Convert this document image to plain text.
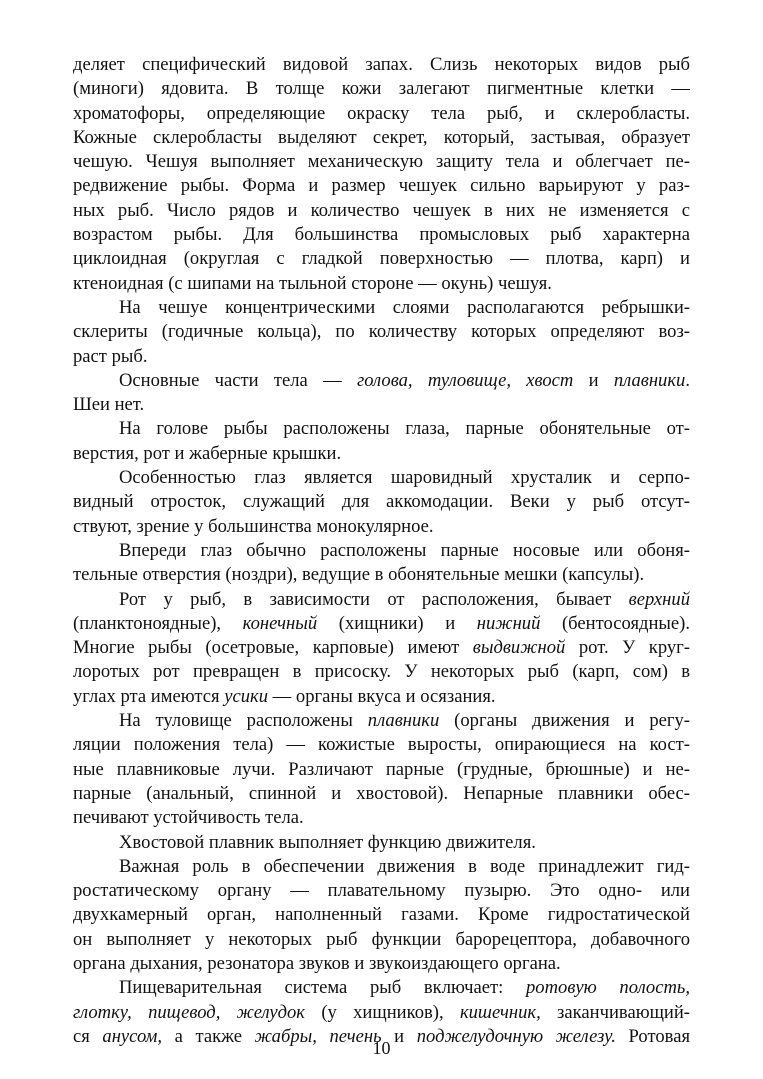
деляет специфический видовой запах. Слизь некоторых видов рыб
(миноги) ядовита. В толще кожи залегают пигментные клетки —
хроматофоры, определяющие окраску тела рыб, и склеробласты.
Кожные склеробласты выделяют секрет, который, застывая, образует
чешую. Чешуя выполняет механическую защиту тела и облегчает пе-
редвижение рыбы. Форма и размер чешуек сильно варьируют у раз-
ных рыб. Число рядов и количество чешуек в них не изменяется с
возрастом рыбы. Для большинства промысловых рыб характерна
циклоидная (округлая с гладкой поверхностью — плотва, карп) и
ктеноидная (с шипами на тыльной стороне — окунь) чешуя.
На чешуе концентрическими слоями располагаются ребрышки-
склериты (годичные кольца), по количеству которых определяют воз-
раст рыб.
Основные части тела — голова, туловище, хвост и плавники.
Шеи нет.
На голове рыбы расположены глаза, парные обонятельные от-
верстия, рот и жаберные крышки.
Особенностью глаз является шаровидный хрусталик и серпо-
видный отросток, служащий для аккомодации. Веки у рыб отсут-
ствуют, зрение у большинства монокулярное.
Впереди глаз обычно расположены парные носовые или обоня-
тельные отверстия (ноздри), ведущие в обонятельные мешки (капсулы).
Рот у рыб, в зависимости от расположения, бывает верхний
(планктоноядные), конечный (хищники) и нижний (бентосоядные).
Многие рыбы (осетровые, карповые) имеют выдвижной рот. У круг-
лоротых рот превращен в присоску. У некоторых рыб (карп, сом) в
углах рта имеются усики — органы вкуса и осязания.
На туловище расположены плавники (органы движения и регу-
ляции положения тела) — кожистые выросты, опирающиеся на кост-
ные плавниковые лучи. Различают парные (грудные, брюшные) и не-
парные (анальный, спинной и хвостовой). Непарные плавники обес-
печивают устойчивость тела.
Хвостовой плавник выполняет функцию движителя.
Важная роль в обеспечении движения в воде принадлежит гид-
ростатическому органу — плавательному пузырю. Это одно- или
двухкамерный орган, наполненный газами. Кроме гидростатической
он выполняет у некоторых рыб функции барорецептора, добавочного
органа дыхания, резонатора звуков и звукоиздающего органа.
Пищеварительная система рыб включает: ротовую полость,
глотку, пищевод, желудок (у хищников), кишечник, заканчивающий-
ся анусом, а также жабры, печень и поджелудочную железу. Ротовая
10
